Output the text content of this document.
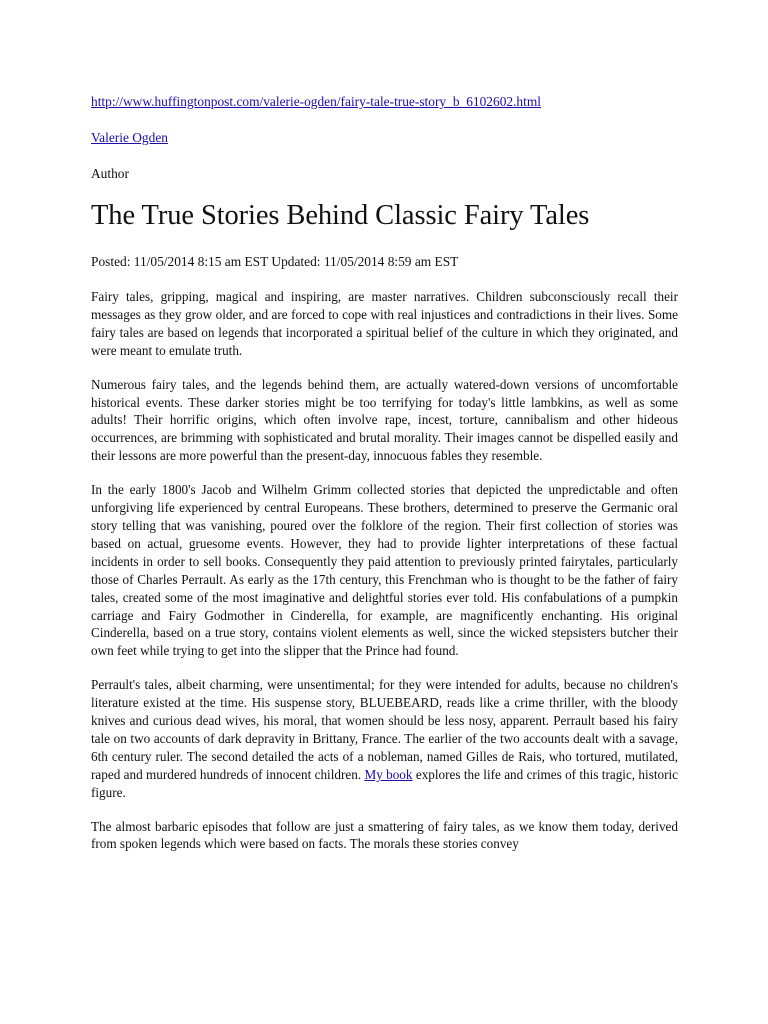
http://www.huffingtonpost.com/valerie-ogden/fairy-tale-true-story_b_6102602.html

Valerie Ogden

Author

The True Stories Behind Classic Fairy Tales

Posted: 11/05/2014 8:15 am EST Updated: 11/05/2014 8:59 am EST

Fairy tales, gripping, magical and inspiring, are master narratives. Children subconsciously recall their messages as they grow older, and are forced to cope with real injustices and contradictions in their lives. Some fairy tales are based on legends that incorporated a spiritual belief of the culture in which they originated, and were meant to emulate truth.

Numerous fairy tales, and the legends behind them, are actually watered-down versions of uncomfortable historical events. These darker stories might be too terrifying for today's little lambkins, as well as some adults! Their horrific origins, which often involve rape, incest, torture, cannibalism and other hideous occurrences, are brimming with sophisticated and brutal morality. Their images cannot be dispelled easily and their lessons are more powerful than the present-day, innocuous fables they resemble.

In the early 1800's Jacob and Wilhelm Grimm collected stories that depicted the unpredictable and often unforgiving life experienced by central Europeans. These brothers, determined to preserve the Germanic oral story telling that was vanishing, poured over the folklore of the region. Their first collection of stories was based on actual, gruesome events. However, they had to provide lighter interpretations of these factual incidents in order to sell books. Consequently they paid attention to previously printed fairytales, particularly those of Charles Perrault. As early as the 17th century, this Frenchman who is thought to be the father of fairy tales, created some of the most imaginative and delightful stories ever told. His confabulations of a pumpkin carriage and Fairy Godmother in Cinderella, for example, are magnificently enchanting. His original Cinderella, based on a true story, contains violent elements as well, since the wicked stepsisters butcher their own feet while trying to get into the slipper that the Prince had found.

Perrault's tales, albeit charming, were unsentimental; for they were intended for adults, because no children's literature existed at the time. His suspense story, BLUEBEARD, reads like a crime thriller, with the bloody knives and curious dead wives, his moral, that women should be less nosy, apparent. Perrault based his fairy tale on two accounts of dark depravity in Brittany, France. The earlier of the two accounts dealt with a savage, 6th century ruler. The second detailed the acts of a nobleman, named Gilles de Rais, who tortured, mutilated, raped and murdered hundreds of innocent children. My book explores the life and crimes of this tragic, historic figure.

The almost barbaric episodes that follow are just a smattering of fairy tales, as we know them today, derived from spoken legends which were based on facts. The morals these stories convey
